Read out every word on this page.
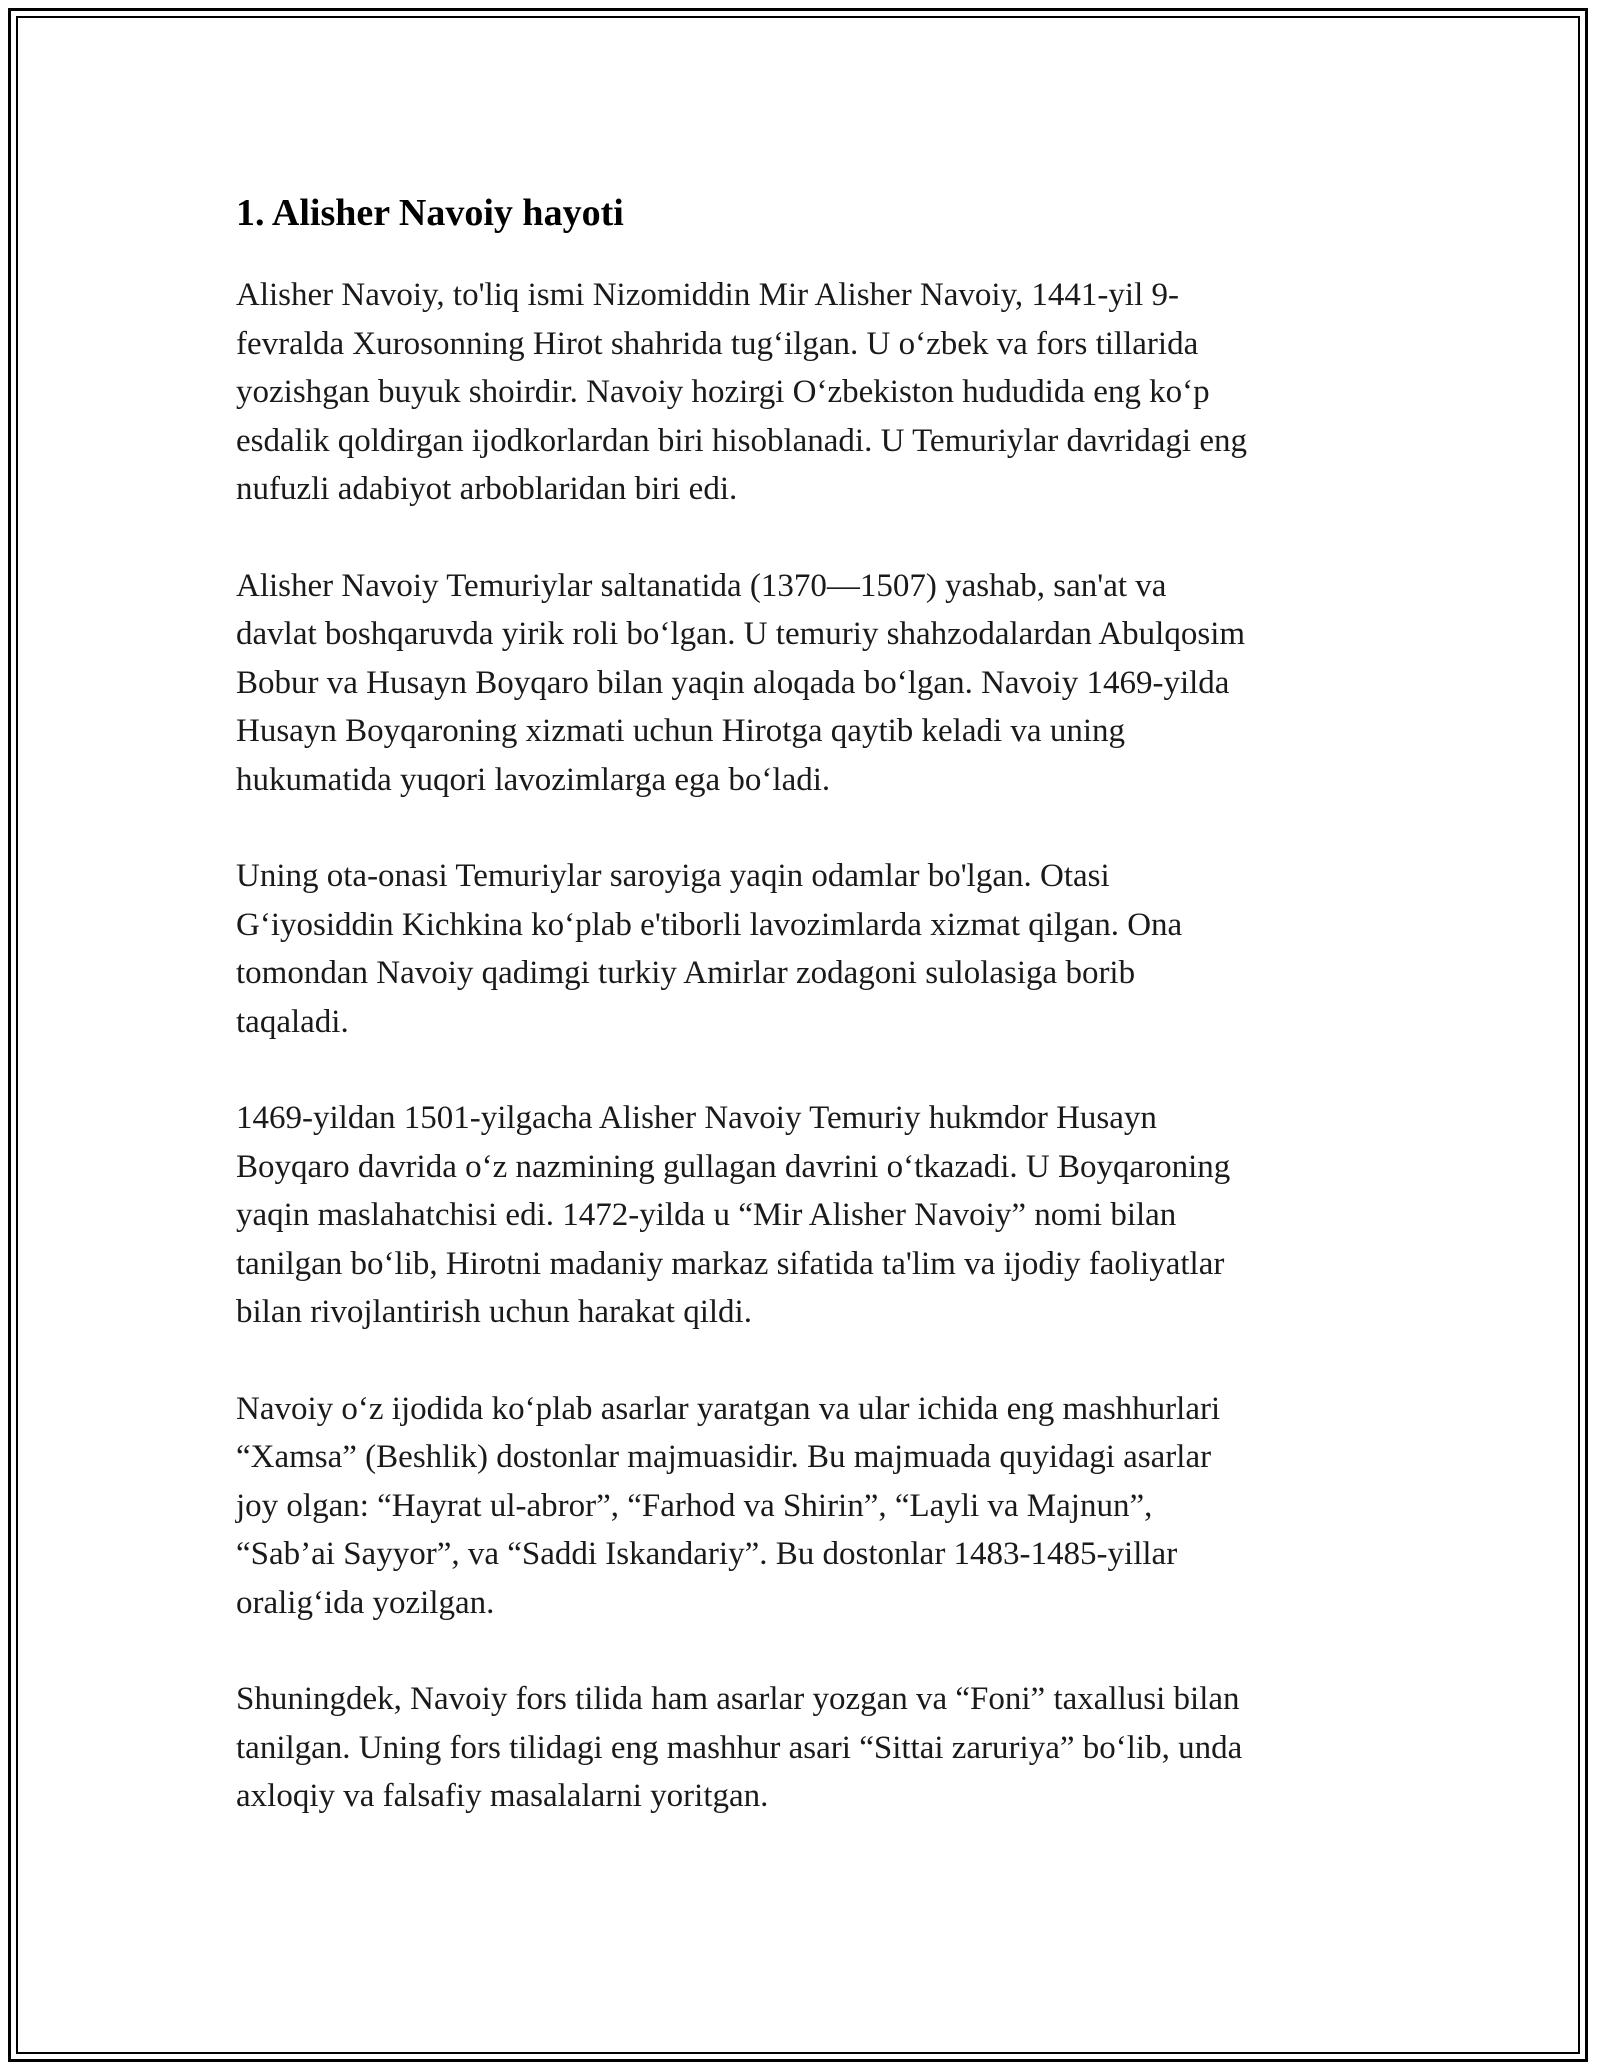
1. Alisher Navoiy hayoti

Alisher Navoiy, to'liq ismi Nizomiddin Mir Alisher Navoiy, 1441-yil 9-
fevralda Xurosonning Hirot shahrida tug‘ilgan. U o‘zbek va fors tillarida
yozishgan buyuk shoirdir. Navoiy hozirgi O‘zbekiston hududida eng ko‘p
esdalik qoldirgan ijodkorlardan biri hisoblanadi. U Temuriylar davridagi eng
nufuzli adabiyot arboblaridan biri edi.

Alisher Navoiy Temuriylar saltanatida (1370—1507) yashab, san'at va
davlat boshqaruvda yirik roli bo‘lgan. U temuriy shahzodalardan Abulqosim
Bobur va Husayn Boyqaro bilan yaqin aloqada bo‘lgan. Navoiy 1469-yilda
Husayn Boyqaroning xizmati uchun Hirotga qaytib keladi va uning
hukumatida yuqori lavozimlarga ega bo‘ladi.

Uning ota-onasi Temuriylar saroyiga yaqin odamlar bo'lgan. Otasi
G‘iyosiddin Kichkina ko‘plab e'tiborli lavozimlarda xizmat qilgan. Ona
tomondan Navoiy qadimgi turkiy Amirlar zodagoni sulolasiga borib
taqaladi.

1469-yildan 1501-yilgacha Alisher Navoiy Temuriy hukmdor Husayn
Boyqaro davrida o‘z nazmining gullagan davrini o‘tkazadi. U Boyqaroning
yaqin maslahatchisi edi. 1472-yilda u “Mir Alisher Navoiy” nomi bilan
tanilgan bo‘lib, Hirotni madaniy markaz sifatida ta'lim va ijodiy faoliyatlar
bilan rivojlantirish uchun harakat qildi.

Navoiy o‘z ijodida ko‘plab asarlar yaratgan va ular ichida eng mashhurlari
“Xamsa” (Beshlik) dostonlar majmuasidir. Bu majmuada quyidagi asarlar
joy olgan: “Hayrat ul-abror”, “Farhod va Shirin”, “Layli va Majnun”,
“Sab’ai Sayyor”, va “Saddi Iskandariy”. Bu dostonlar 1483-1485-yillar
oralig‘ida yozilgan.

Shuningdek, Navoiy fors tilida ham asarlar yozgan va “Foni” taxallusi bilan
tanilgan. Uning fors tilidagi eng mashhur asari “Sittai zaruriya” bo‘lib, unda
axloqiy va falsafiy masalalarni yoritgan.
